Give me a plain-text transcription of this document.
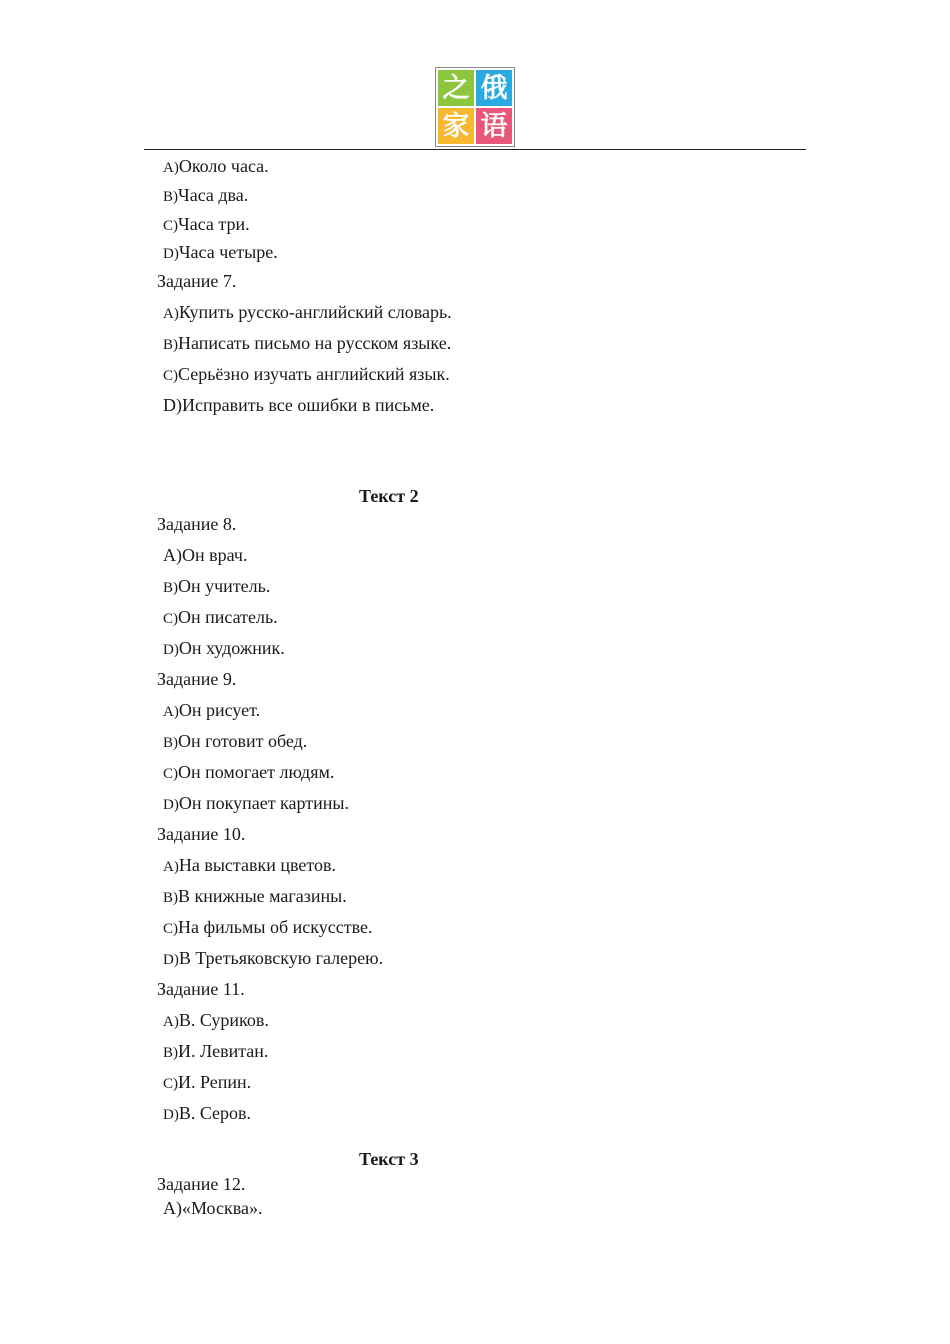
之 俄
家 语
A)Около часа.
B)Часа два.
C)Часа три.
D)Часа четыре.
Задание 7.
A)Купить русско-английский словарь.
B)Написать письмо на русском языке.
C)Серьёзно изучать английский язык.
D)Исправить все ошибки в письме.
Текст 2
Задание 8.
A)Он врач.
B)Он учитель.
C)Он писатель.
D)Он художник.
Задание 9.
A)Он рисует.
B)Он готовит обед.
C)Он помогает людям.
D)Он покупает картины.
Задание 10.
A)На выставки цветов.
B)В книжные магазины.
C)На фильмы об искусстве.
D)В Третьяковскую галерею.
Задание 11.
A)В. Суриков.
B)И. Левитан.
C)И. Репин.
D)В. Серов.
Текст 3
Задание 12.
A)«Москва».
